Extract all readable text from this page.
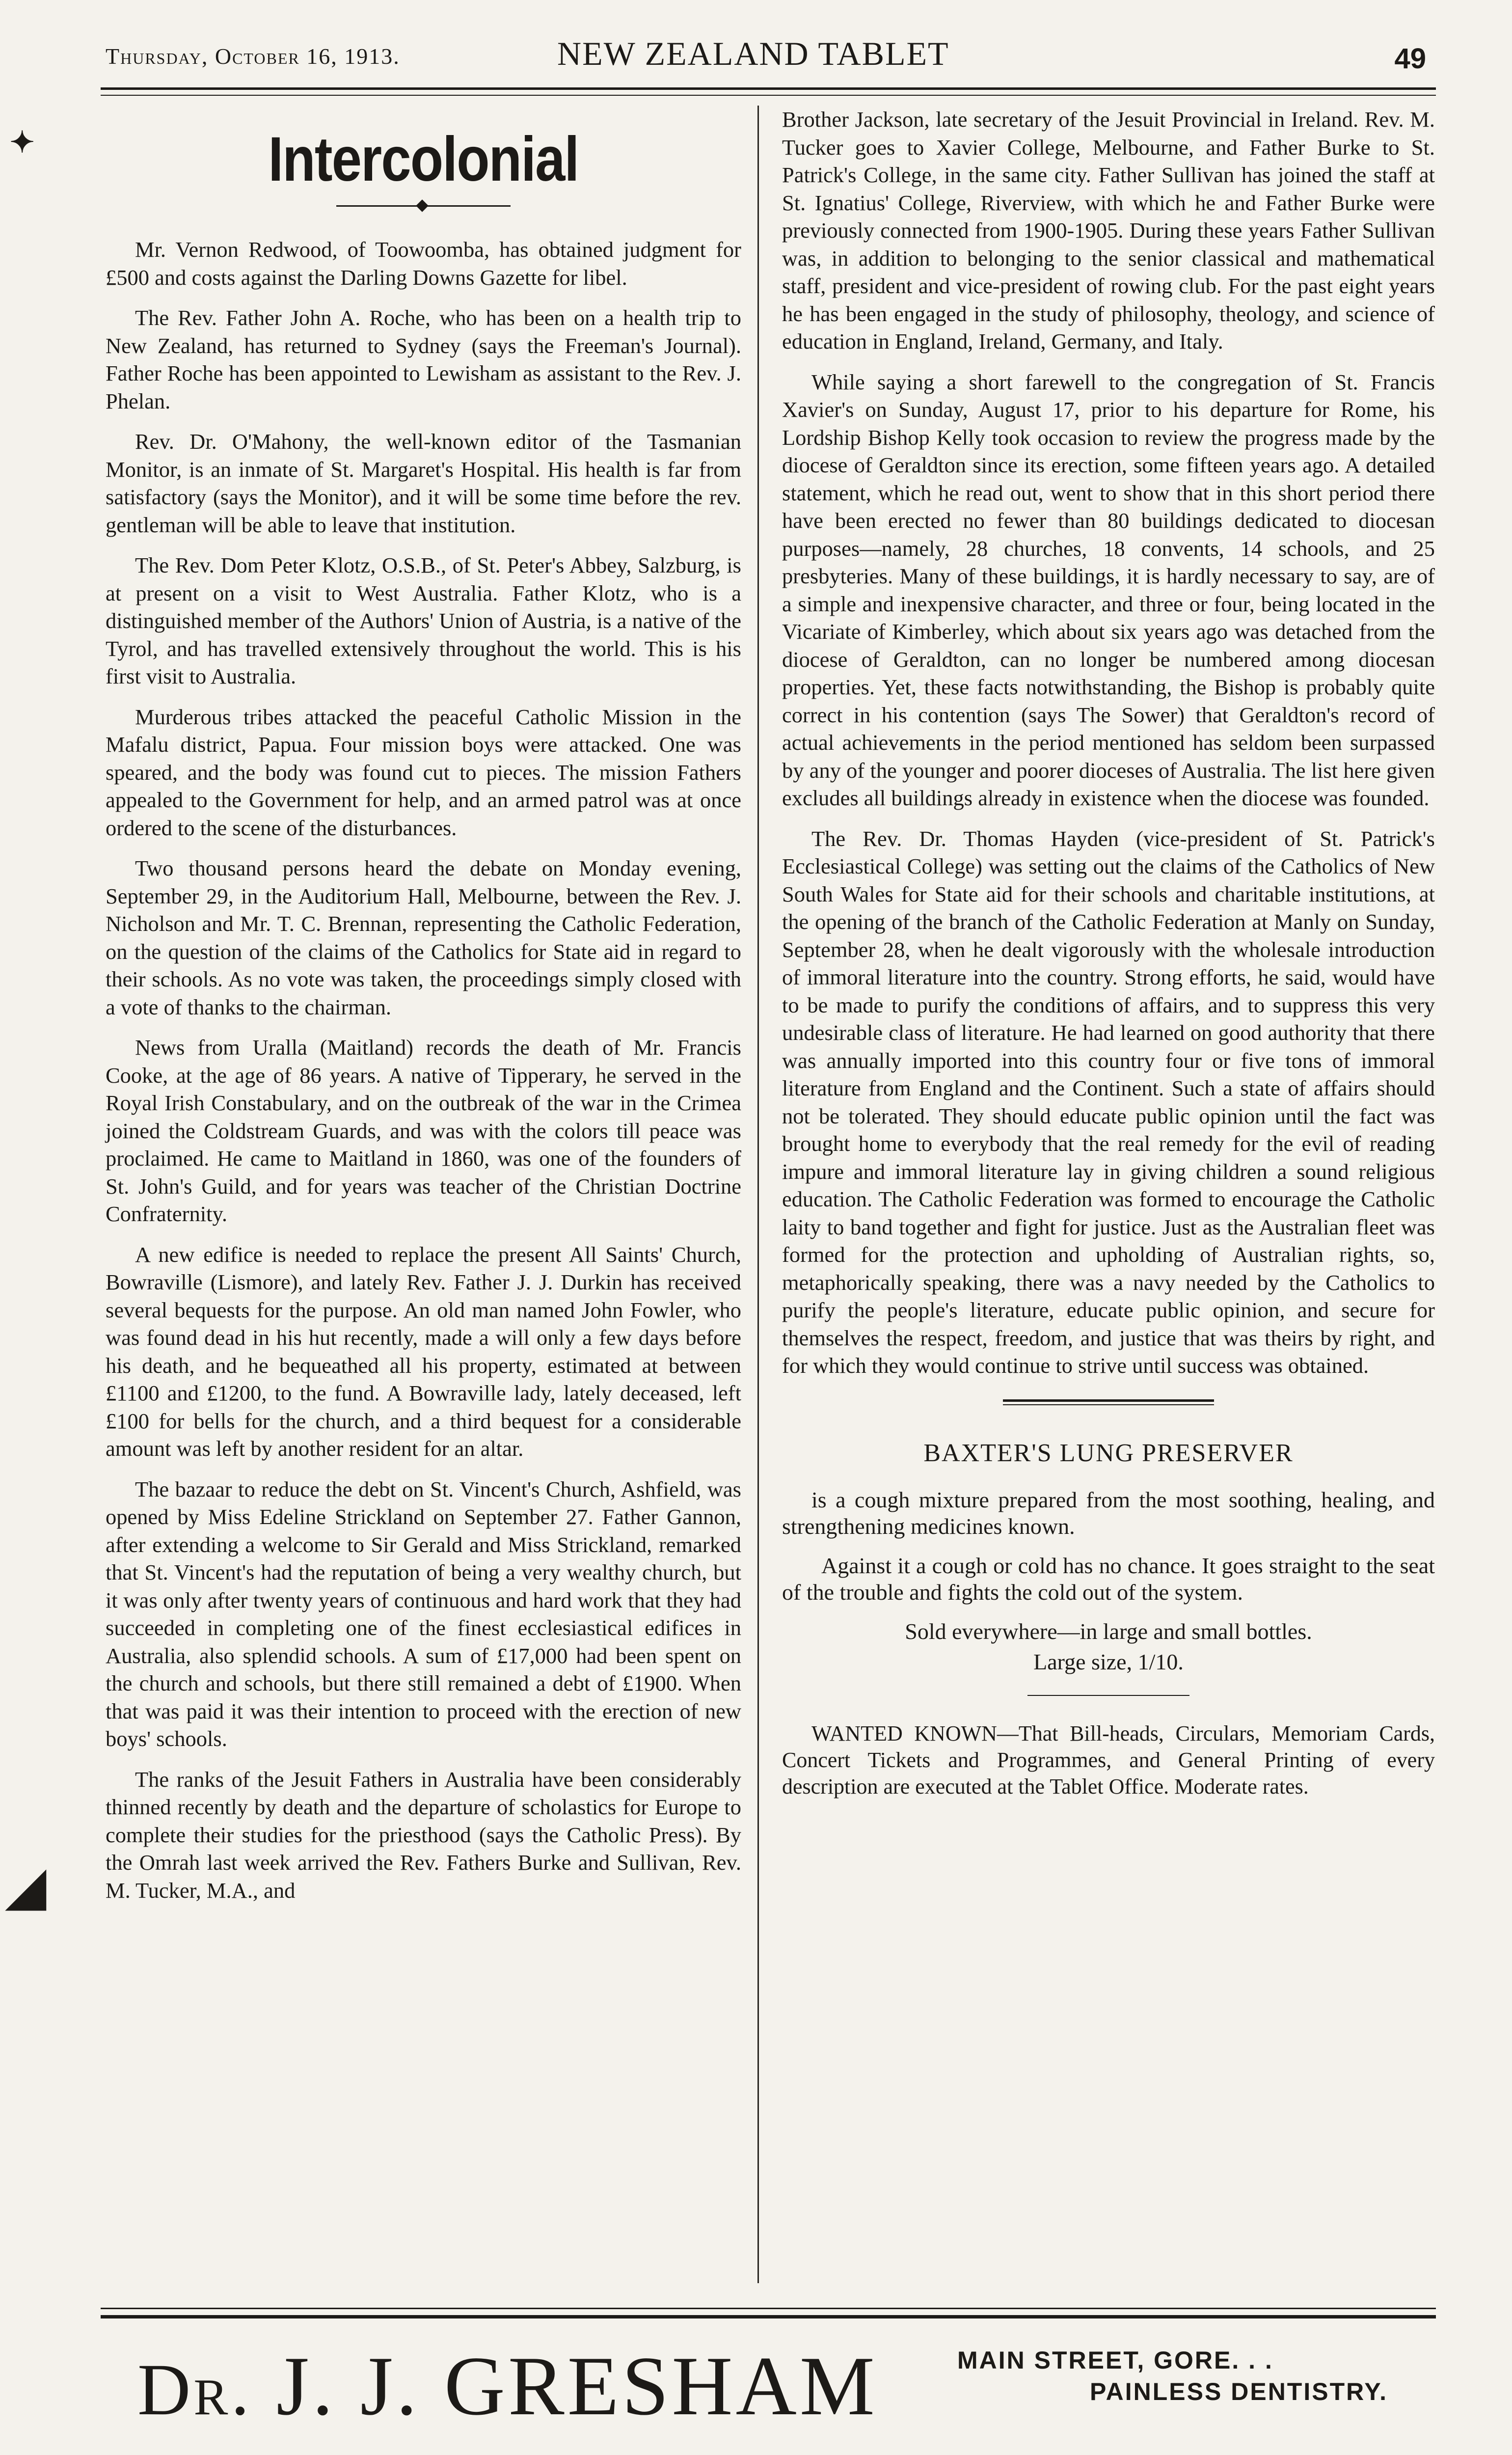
Thursday, October 16, 1913.	NEW ZEALAND TABLET	49
✦
◢
Intercolonial

Mr. Vernon Redwood, of Toowoomba, has obtained judgment for £500 and costs against the Darling Downs Gazette for libel.

The Rev. Father John A. Roche, who has been on a health trip to New Zealand, has returned to Sydney (says the Freeman's Journal). Father Roche has been appointed to Lewisham as assistant to the Rev. J. Phelan.

Rev. Dr. O'Mahony, the well-known editor of the Tasmanian Monitor, is an inmate of St. Margaret's Hospital. His health is far from satisfactory (says the Monitor), and it will be some time before the rev. gentleman will be able to leave that institution.

The Rev. Dom Peter Klotz, O.S.B., of St. Peter's Abbey, Salzburg, is at present on a visit to West Australia. Father Klotz, who is a distinguished member of the Authors' Union of Austria, is a native of the Tyrol, and has travelled extensively throughout the world. This is his first visit to Australia.

Murderous tribes attacked the peaceful Catholic Mission in the Mafalu district, Papua. Four mission boys were attacked. One was speared, and the body was found cut to pieces. The mission Fathers appealed to the Government for help, and an armed patrol was at once ordered to the scene of the disturbances.

Two thousand persons heard the debate on Monday evening, September 29, in the Auditorium Hall, Melbourne, between the Rev. J. Nicholson and Mr. T. C. Brennan, representing the Catholic Federation, on the question of the claims of the Catholics for State aid in regard to their schools. As no vote was taken, the proceedings simply closed with a vote of thanks to the chairman.

News from Uralla (Maitland) records the death of Mr. Francis Cooke, at the age of 86 years. A native of Tipperary, he served in the Royal Irish Constabulary, and on the outbreak of the war in the Crimea joined the Coldstream Guards, and was with the colors till peace was proclaimed. He came to Maitland in 1860, was one of the founders of St. John's Guild, and for years was teacher of the Christian Doctrine Confraternity.

A new edifice is needed to replace the present All Saints' Church, Bowraville (Lismore), and lately Rev. Father J. J. Durkin has received several bequests for the purpose. An old man named John Fowler, who was found dead in his hut recently, made a will only a few days before his death, and he bequeathed all his property, estimated at between £1100 and £1200, to the fund. A Bowraville lady, lately deceased, left £100 for bells for the church, and a third bequest for a considerable amount was left by another resident for an altar.

The bazaar to reduce the debt on St. Vincent's Church, Ashfield, was opened by Miss Edeline Strickland on September 27. Father Gannon, after extending a welcome to Sir Gerald and Miss Strickland, remarked that St. Vincent's had the reputation of being a very wealthy church, but it was only after twenty years of continuous and hard work that they had succeeded in completing one of the finest ecclesiastical edifices in Australia, also splendid schools. A sum of £17,000 had been spent on the church and schools, but there still remained a debt of £1900. When that was paid it was their intention to proceed with the erection of new boys' schools.

The ranks of the Jesuit Fathers in Australia have been considerably thinned recently by death and the departure of scholastics for Europe to complete their studies for the priesthood (says the Catholic Press). By the Omrah last week arrived the Rev. Fathers Burke and Sullivan, Rev. M. Tucker, M.A., and

Brother Jackson, late secretary of the Jesuit Provincial in Ireland. Rev. M. Tucker goes to Xavier College, Melbourne, and Father Burke to St. Patrick's College, in the same city. Father Sullivan has joined the staff at St. Ignatius' College, Riverview, with which he and Father Burke were previously connected from 1900-1905. During these years Father Sullivan was, in addition to belonging to the senior classical and mathematical staff, president and vice-president of rowing club. For the past eight years he has been engaged in the study of philosophy, theology, and science of education in England, Ireland, Germany, and Italy.

While saying a short farewell to the congregation of St. Francis Xavier's on Sunday, August 17, prior to his departure for Rome, his Lordship Bishop Kelly took occasion to review the progress made by the diocese of Geraldton since its erection, some fifteen years ago. A detailed statement, which he read out, went to show that in this short period there have been erected no fewer than 80 buildings dedicated to diocesan purposes—namely, 28 churches, 18 convents, 14 schools, and 25 presbyteries. Many of these buildings, it is hardly necessary to say, are of a simple and inexpensive character, and three or four, being located in the Vicariate of Kimberley, which about six years ago was detached from the diocese of Geraldton, can no longer be numbered among diocesan properties. Yet, these facts notwithstanding, the Bishop is probably quite correct in his contention (says The Sower) that Geraldton's record of actual achievements in the period mentioned has seldom been surpassed by any of the younger and poorer dioceses of Australia. The list here given excludes all buildings already in existence when the diocese was founded.

The Rev. Dr. Thomas Hayden (vice-president of St. Patrick's Ecclesiastical College) was setting out the claims of the Catholics of New South Wales for State aid for their schools and charitable institutions, at the opening of the branch of the Catholic Federation at Manly on Sunday, September 28, when he dealt vigorously with the wholesale introduction of immoral literature into the country. Strong efforts, he said, would have to be made to purify the conditions of affairs, and to suppress this very undesirable class of literature. He had learned on good authority that there was annually imported into this country four or five tons of immoral literature from England and the Continent. Such a state of affairs should not be tolerated. They should educate public opinion until the fact was brought home to everybody that the real remedy for the evil of reading impure and immoral literature lay in giving children a sound religious education. The Catholic Federation was formed to encourage the Catholic laity to band together and fight for justice. Just as the Australian fleet was formed for the protection and upholding of Australian rights, so, metaphorically speaking, there was a navy needed by the Catholics to purify the people's literature, educate public opinion, and secure for themselves the respect, freedom, and justice that was theirs by right, and for which they would continue to strive until success was obtained.

BAXTER'S LUNG PRESERVER

is a cough mixture prepared from the most soothing, healing, and strengthening medicines known.

Against it a cough or cold has no chance. It goes straight to the seat of the trouble and fights the cold out of the system.

Sold everywhere—in large and small bottles.
Large size, 1/10.

WANTED KNOWN—That Bill-heads, Circulars, Memoriam Cards, Concert Tickets and Programmes, and General Printing of every description are executed at the Tablet Office. Moderate rates.

Dr. J. J. GRESHAM	MAIN STREET, GORE. . .
PAINLESS DENTISTRY.
